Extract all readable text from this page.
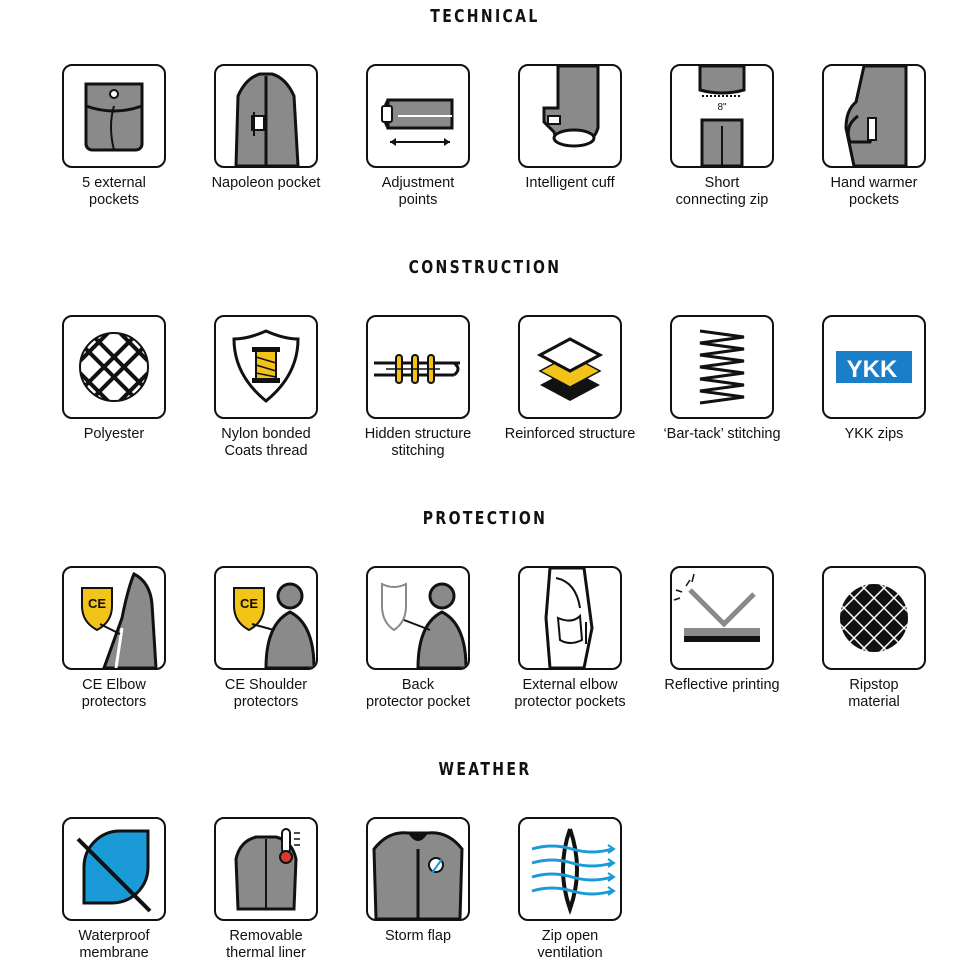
TECHNICAL
5 external
pockets
Napoleon pocket	Adjustment
points
Intelligent cuff
8"
Short
connecting zip
Hand warmer
pockets
CONSTRUCTION
Polyester	Nylon bonded
Coats thread
Hidden structure
stitching
Reinforced structure	‘Bar-tack’ stitching
YKK
YKK zips
PROTECTION
CE
CE Elbow
protectors
CE
CE Shoulder
protectors
Back
protector pocket
External elbow
protector pockets
Reflective printing	Ripstop
material
WEATHER
Waterproof
membrane
Removable
thermal liner
Storm flap	Zip open
ventilation
